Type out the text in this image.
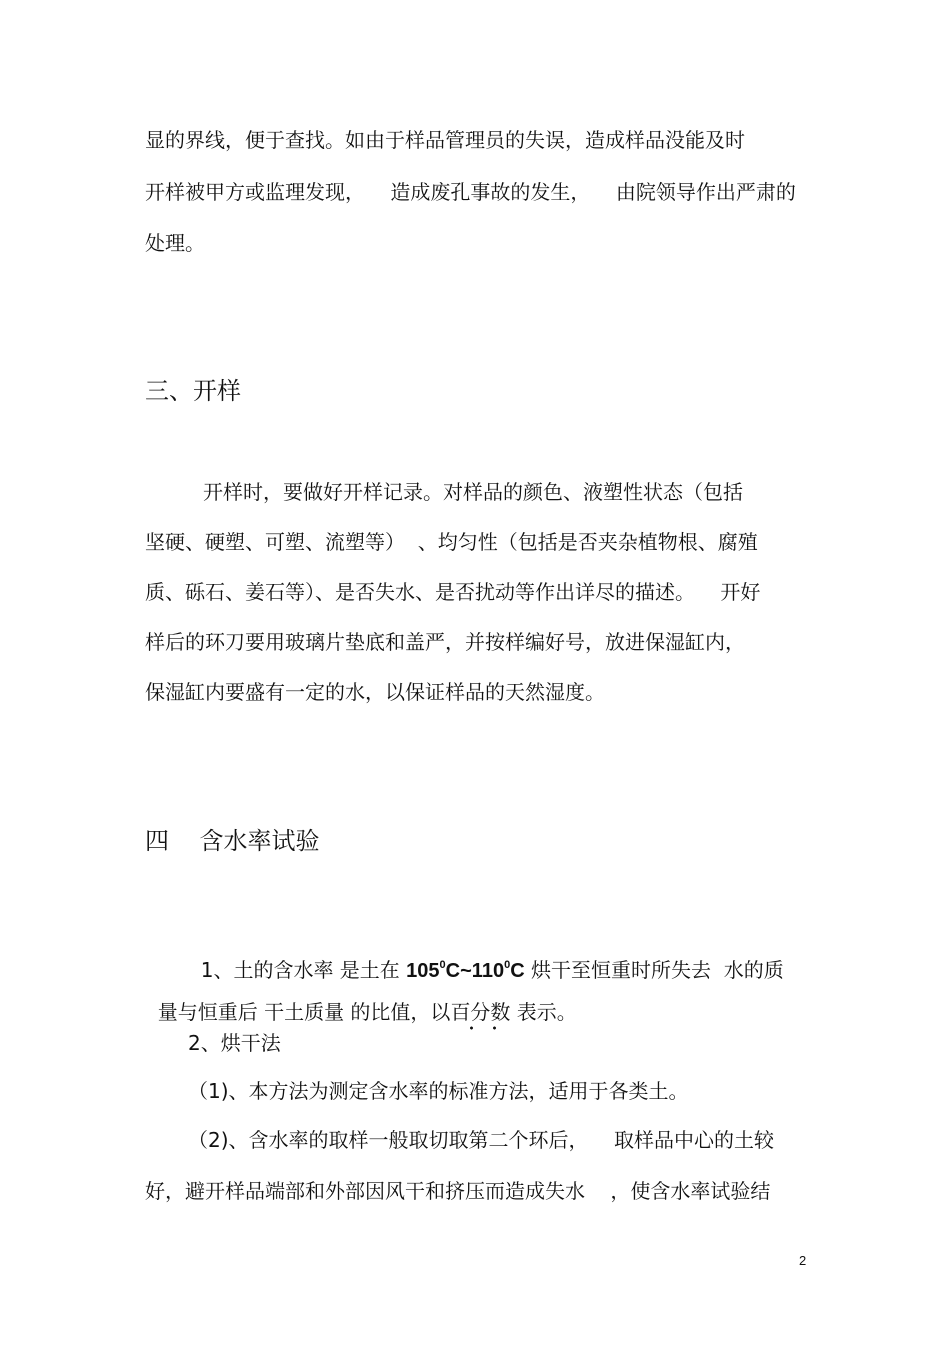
显的界线，便于查找。如由于样品管理员的失误，造成样品没能及时
开样被甲方或监理发现，    造成废孔事故的发生，    由院领导作出严肃的
处理。
三、开样
开样时，要做好开样记录。对样品的颜色、液塑性状态（包括
坚硬、硬塑、可塑、流塑等）  、均匀性（包括是否夹杂植物根、腐殖
质、砾石、姜石等）、是否失水、是否扰动等作出详尽的描述。    开好
样后的环刀要用玻璃片垫底和盖严，并按样编好号，放进保湿缸内，
保湿缸内要盛有一定的水，以保证样品的天然湿度。
四    含水率试验

1、土的含水率 是土在 $105^0C\sim 110^0C$ 烘干至恒重时所失去  水的质

量与恒重后 干土质量 的比值，以百分数
表示。

2、烘干法
（1)、本方法为测定含水率的标准方法，适用于各类土。
（2)、含水率的取样一般取切取第二个环后，    取样品中心的土较
好，避开样品端部和外部因风干和挤压而造成失水    ，使含水率试验结
2
